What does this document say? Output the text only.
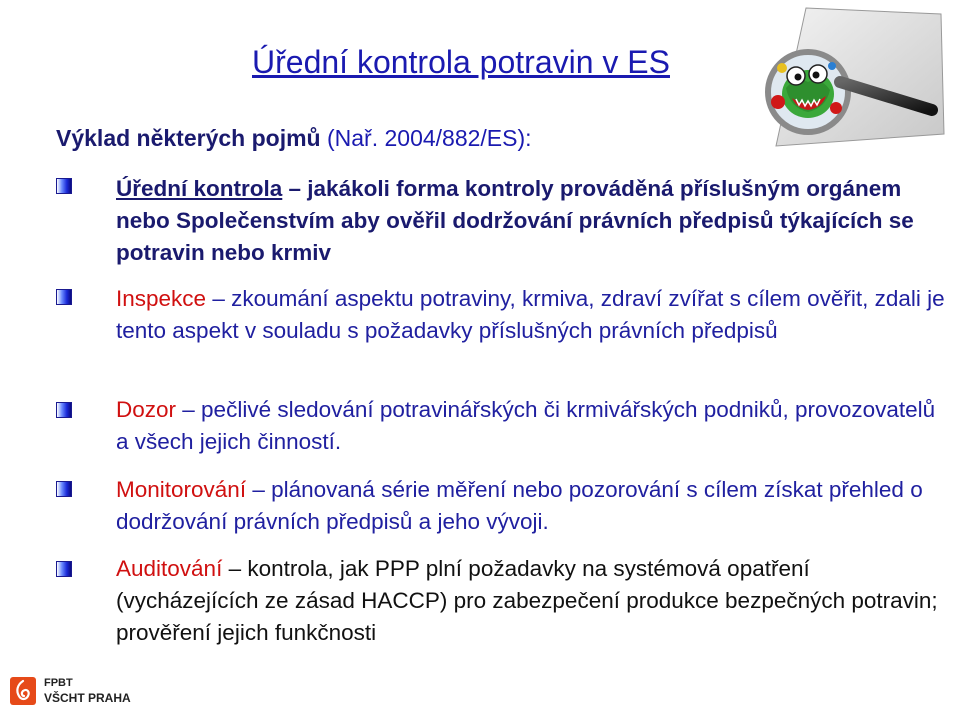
Úřední kontrola potravin v ES
Výklad některých pojmů (Nař. 2004/882/ES):
Úřední kontrola – jakákoli forma kontroly prováděná příslušným orgánem nebo Společenstvím aby ověřil dodržování právních předpisů týkajících se potravin nebo krmiv
Inspekce – zkoumání aspektu potraviny, krmiva, zdraví zvířat s cílem ověřit, zdali je tento aspekt v souladu s požadavky příslušných právních předpisů
Dozor – pečlivé sledování potravinářských či krmivářských podniků, provozovatelů a všech jejich činností.
Monitorování – plánovaná série měření nebo pozorování s cílem získat přehled o dodržování právních předpisů a jeho vývoji.
Auditování – kontrola, jak PPP plní požadavky na systémová opatření (vycházejících ze zásad HACCP) pro zabezpečení produkce bezpečných potravin; prověření jejich funkčnosti
FPBT
VŠCHT PRAHA
